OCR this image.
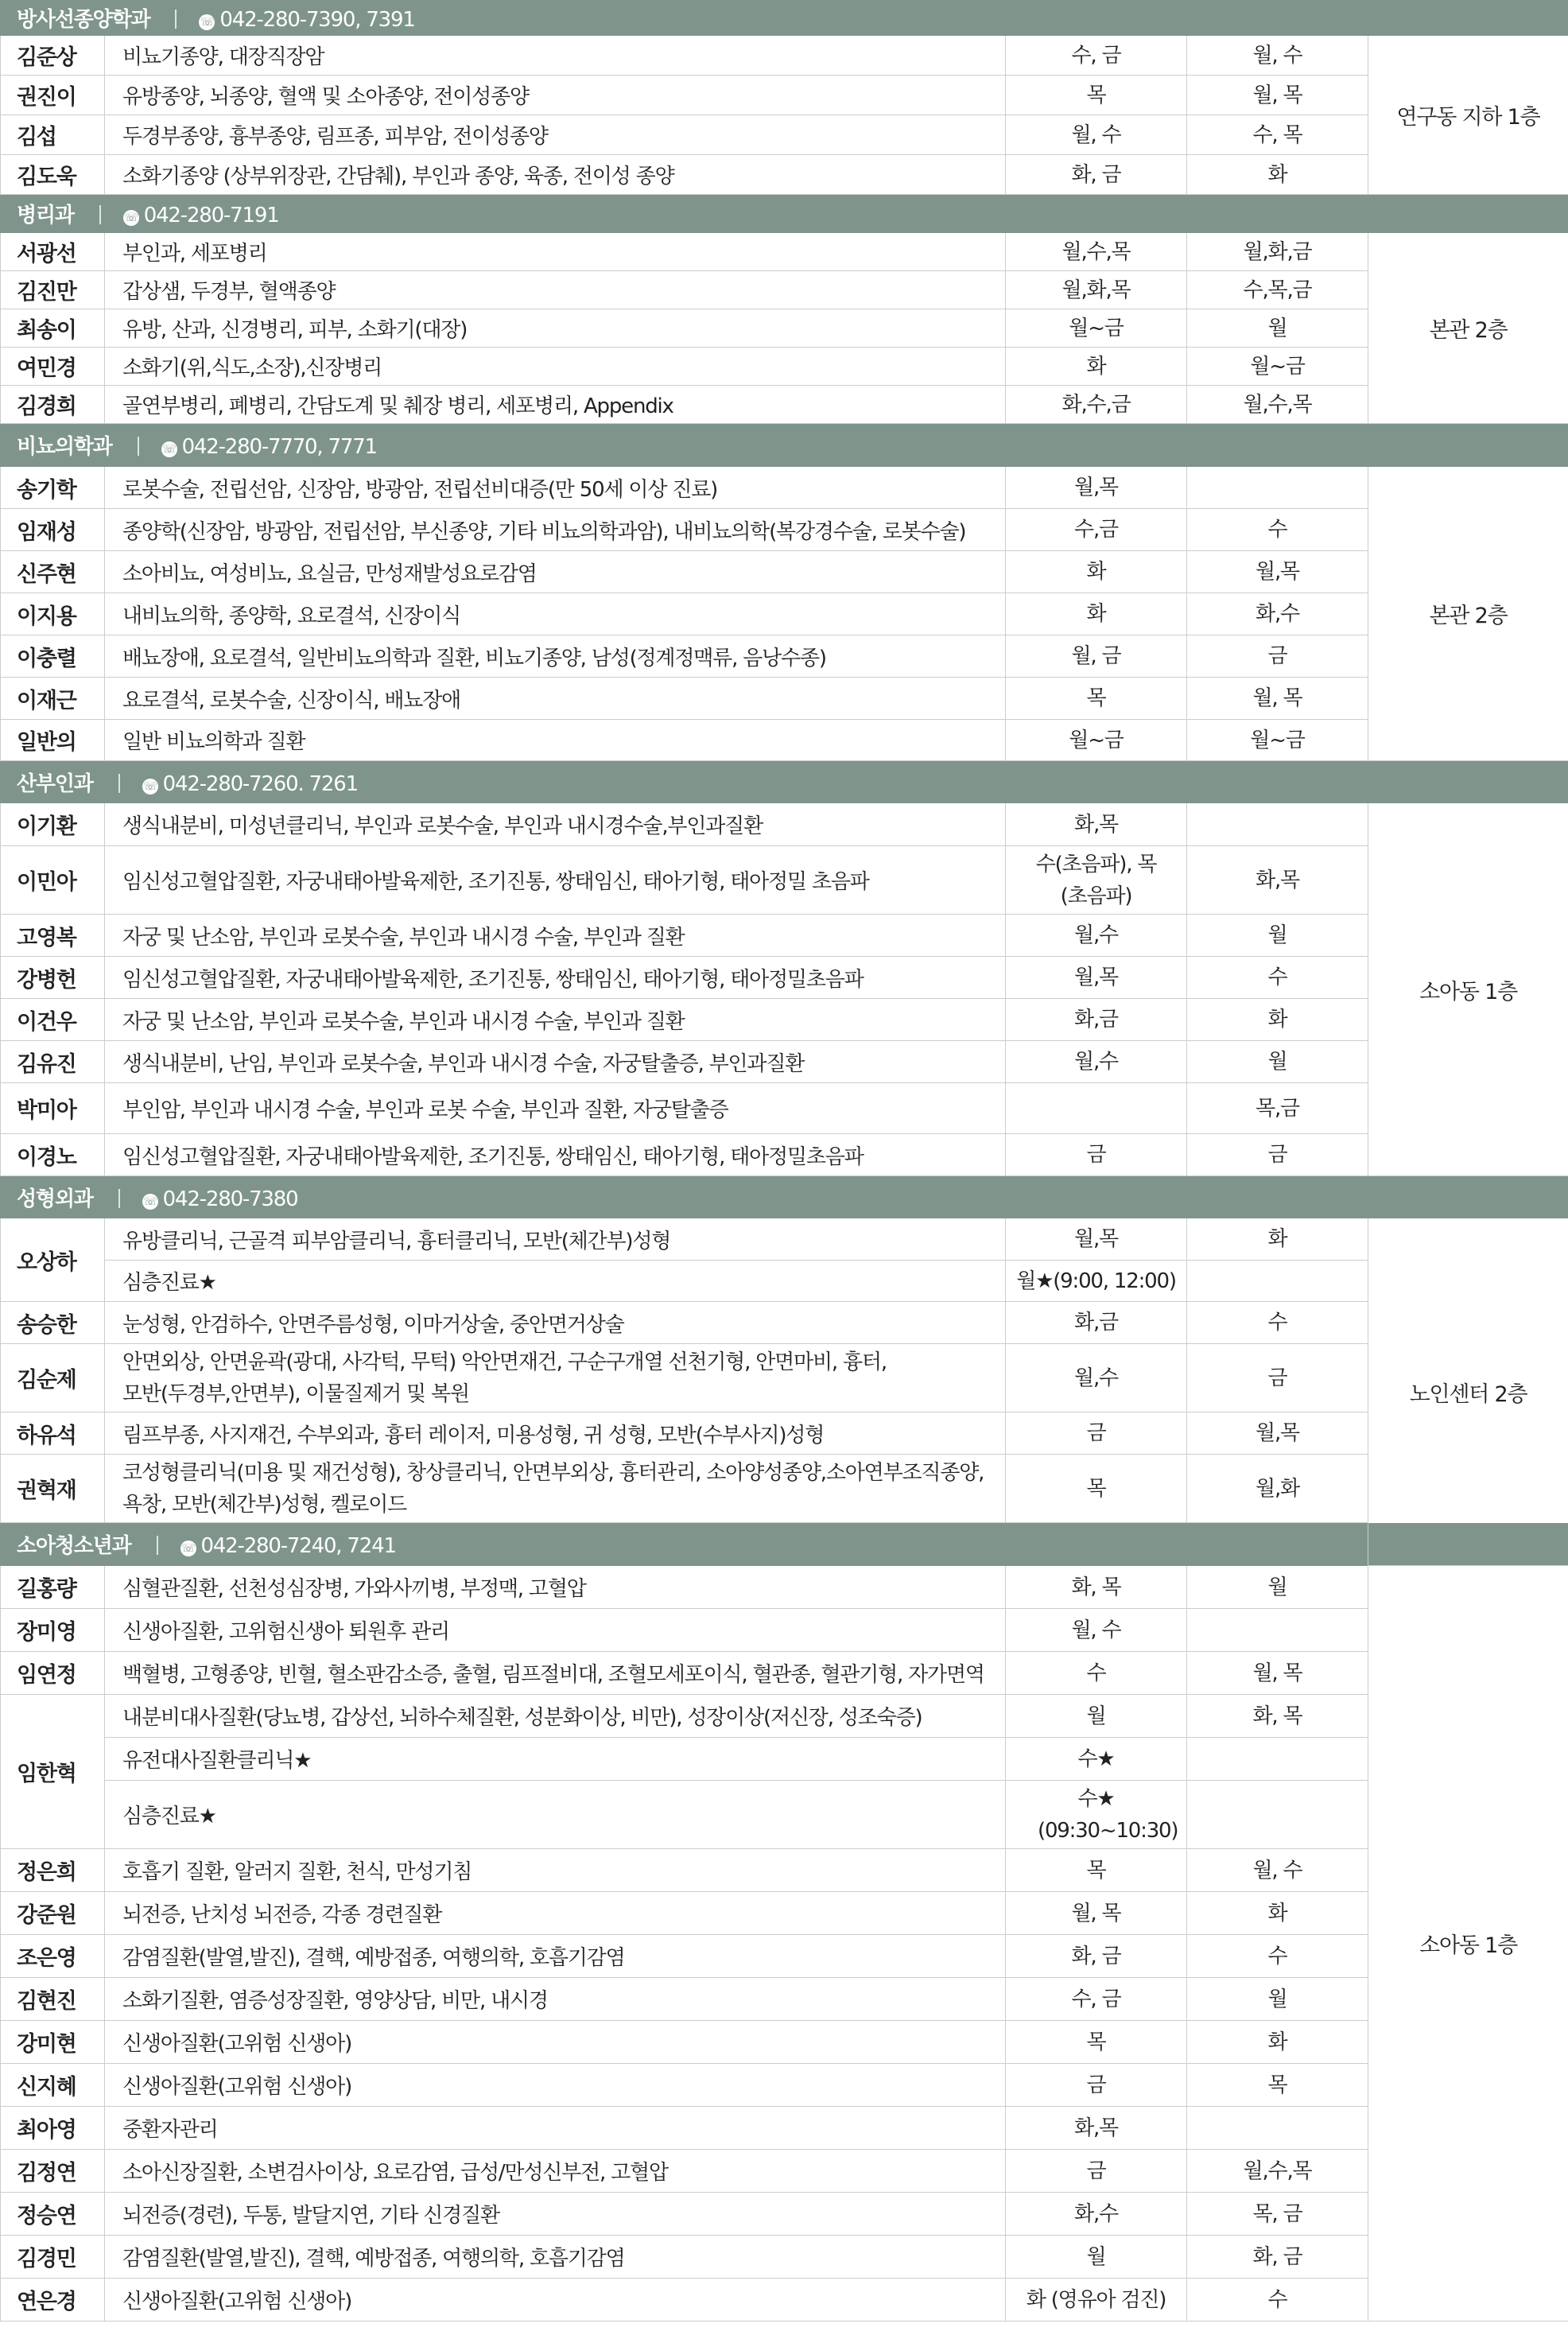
방사선종양학과 ☏ 042-280-7390, 7391				
김준상	비뇨기종양, 대장직장암	수, 금	월, 수	연구동 지하 1층
권진이	유방종양, 뇌종양, 혈액 및 소아종양, 전이성종양	목	월, 목	
김섭	두경부종양, 흉부종양, 림프종, 피부암, 전이성종양	월, 수	수, 목	
김도욱	소화기종양 (상부위장관, 간담췌), 부인과 종양, 육종, 전이성 종양	화, 금	화	
병리과 ☏ 042-280-7191				
서광선	부인과, 세포병리	월,수,목	월,화,금	본관 2층
김진만	갑상샘, 두경부, 혈액종양	월,화,목	수,목,금	
최송이	유방, 산과, 신경병리, 피부, 소화기(대장)	월~금	월	
여민경	소화기(위,식도,소장),신장병리	화	월~금	
김경희	골연부병리, 폐병리, 간담도계 및 췌장 병리, 세포병리, Appendix	화,수,금	월,수,목	
비뇨의학과 ☏ 042-280-7770, 7771				
송기학	로봇수술, 전립선암, 신장암, 방광암, 전립선비대증(만 50세 이상 진료)	월,목		본관 2층
임재성	종양학(신장암, 방광암, 전립선암, 부신종양, 기타 비뇨의학과암), 내비뇨의학(복강경수술, 로봇수술)	수,금	수	
신주현	소아비뇨, 여성비뇨, 요실금, 만성재발성요로감염	화	월,목	
이지용	내비뇨의학, 종양학, 요로결석, 신장이식	화	화,수	
이충렬	배뇨장애, 요로결석, 일반비뇨의학과 질환, 비뇨기종양, 남성(정계정맥류, 음낭수종)	월, 금	금	
이재근	요로결석, 로봇수술, 신장이식, 배뇨장애	목	월, 목	
일반의	일반 비뇨의학과 질환	월~금	월~금	
산부인과 ☏ 042-280-7260. 7261				
이기환	생식내분비, 미성년클리닉, 부인과 로봇수술, 부인과 내시경수술,부인과질환	화,목		소아동 1층
이민아	임신성고혈압질환, 자궁내태아발육제한, 조기진통, 쌍태임신, 태아기형, 태아정밀 초음파	수(초음파), 목(초음파)	화,목	
고영복	자궁 및 난소암, 부인과 로봇수술, 부인과 내시경 수술, 부인과 질환	월,수	월	
강병헌	임신성고혈압질환, 자궁내태아발육제한, 조기진통, 쌍태임신, 태아기형, 태아정밀초음파	월,목	수	
이건우	자궁 및 난소암, 부인과 로봇수술, 부인과 내시경 수술, 부인과 질환	화,금	화	
김유진	생식내분비, 난임, 부인과 로봇수술, 부인과 내시경 수술, 자궁탈출증, 부인과질환	월,수	월	
박미아	부인암, 부인과 내시경 수술, 부인과 로봇 수술, 부인과 질환, 자궁탈출증		목,금	
이경노	임신성고혈압질환, 자궁내태아발육제한, 조기진통, 쌍태임신, 태아기형, 태아정밀초음파	금	금	
성형외과 ☏ 042-280-7380				
오상하	유방클리닉, 근골격 피부암클리닉, 흉터클리닉, 모반(체간부)성형	월,목	화	노인센터 2층
	심층진료★	월★(9:00, 12:00)		
송승한	눈성형, 안검하수, 안면주름성형, 이마거상술, 중안면거상술	화,금	수	
김순제	안면외상, 안면윤곽(광대, 사각턱, 무턱) 악안면재건, 구순구개열 선천기형, 안면마비, 흉터,
모반(두경부,안면부), 이물질제거 및 복원	월,수	금	
하유석	림프부종, 사지재건, 수부외과, 흉터 레이저, 미용성형, 귀 성형, 모반(수부사지)성형	금	월,목	
권혁재	코성형클리닉(미용 및 재건성형), 창상클리닉, 안면부외상, 흉터관리, 소아양성종양,소아연부조직종양,
욕창, 모반(체간부)성형, 켈로이드	목	월,화	
소아청소년과 ☏ 042-280-7240, 7241				
길홍량	심혈관질환, 선천성심장병, 가와사끼병, 부정맥, 고혈압	화, 목	월	소아동 1층
장미영	신생아질환, 고위험신생아 퇴원후 관리	월, 수		
임연정	백혈병, 고형종양, 빈혈, 혈소판감소증, 출혈, 림프절비대, 조혈모세포이식, 혈관종, 혈관기형, 자가면역	수	월, 목	
임한혁	내분비대사질환(당뇨병, 갑상선, 뇌하수체질환, 성분화이상, 비만), 성장이상(저신장, 성조숙증)	월	화, 목	
	유전대사질환클리닉★	수★		
	심층진료★	수★ (09:30~10:30)		
정은희	호흡기 질환, 알러지 질환, 천식, 만성기침	목	월, 수	
강준원	뇌전증, 난치성 뇌전증, 각종 경련질환	월, 목	화	
조은영	감염질환(발열,발진), 결핵, 예방접종, 여행의학, 호흡기감염	화, 금	수	
김현진	소화기질환, 염증성장질환, 영양상담, 비만, 내시경	수, 금	월	
강미현	신생아질환(고위험 신생아)	목	화	
신지혜	신생아질환(고위험 신생아)	금	목	
최아영	중환자관리	화,목		
김정연	소아신장질환, 소변검사이상, 요로감염, 급성/만성신부전, 고혈압	금	월,수,목	
정승연	뇌전증(경련), 두통, 발달지연, 기타 신경질환	화,수	목, 금	
김경민	감염질환(발열,발진), 결핵, 예방접종, 여행의학, 호흡기감염	월	화, 금	
연은경	신생아질환(고위험 신생아)	화 (영유아 검진)	수	
